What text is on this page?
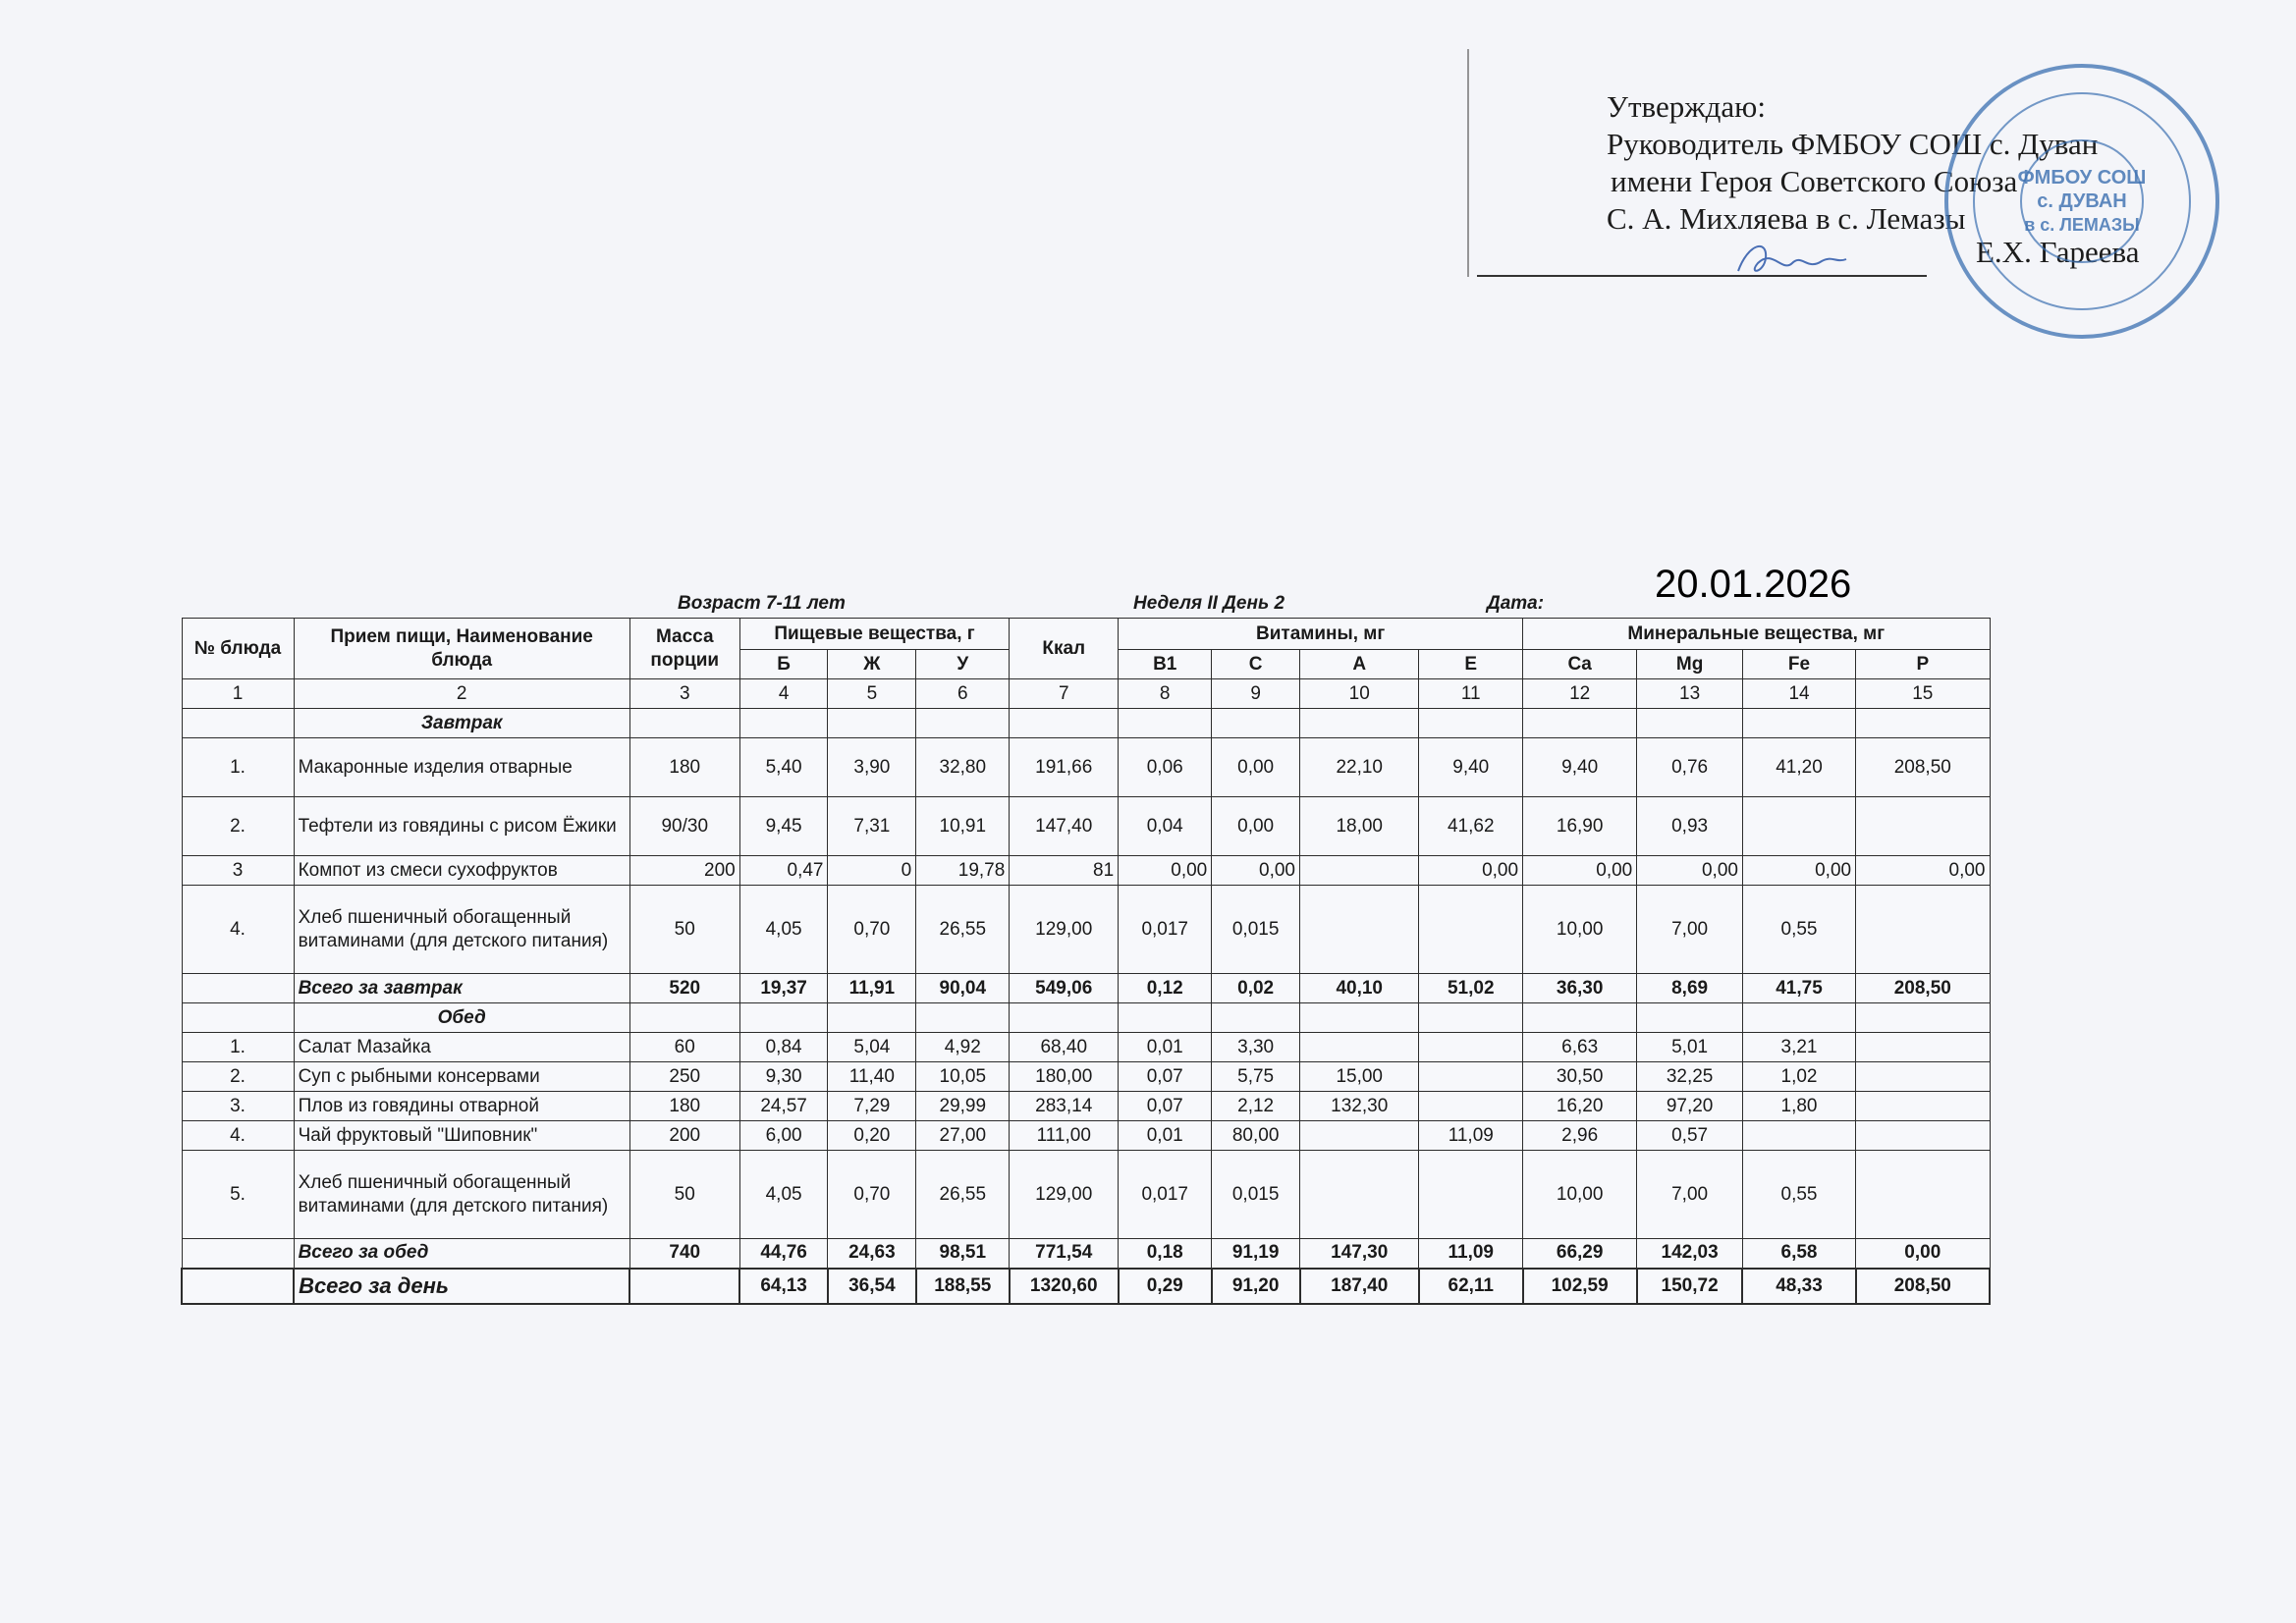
Утверждаю:
Руководитель ФМБОУ СОШ с. Дуван
имени Героя Советского Союза
С. А. Михляева в с. Лемазы
Е.Х. Гареева
ФМБОУ СОШ
с. ДУВАН
в с. ЛЕМАЗЫ
20.01.2026
Возраст 7-11 лет	Неделя II День 2	Дата:
№ блюда	Прием пищи, Наименование блюда	Масса порции	Пищевые вещества, г			Ккал	Витамины, мг				Минеральные вещества, мг			
			Б	Ж	У		В1	С	А	Е	Ca	Mg	Fe	P
1	2	3	4	5	6	7	8	9	10	11	12	13	14	15
	Завтрак													
1.	Макаронные изделия отварные	180	5,40	3,90	32,80	191,66	0,06	0,00	22,10	9,40	9,40	0,76	41,20	208,50
2.	Тефтели из говядины с рисом Ёжики	90/30	9,45	7,31	10,91	147,40	0,04	0,00	18,00	41,62	16,90	0,93		
3	Компот из смеси сухофруктов	200	0,47	0	19,78	81	0,00	0,00		0,00	0,00	0,00	0,00	0,00
4.	Хлеб пшеничный обогащенный витаминами (для детского питания)	50	4,05	0,70	26,55	129,00	0,017	0,015			10,00	7,00	0,55	
	Всего за завтрак	520	19,37	11,91	90,04	549,06	0,12	0,02	40,10	51,02	36,30	8,69	41,75	208,50
	Обед													
1.	Салат Мазайка	60	0,84	5,04	4,92	68,40	0,01	3,30			6,63	5,01	3,21	
2.	Суп с рыбными консервами	250	9,30	11,40	10,05	180,00	0,07	5,75	15,00		30,50	32,25	1,02	
3.	Плов из говядины отварной	180	24,57	7,29	29,99	283,14	0,07	2,12	132,30		16,20	97,20	1,80	
4.	Чай фруктовый "Шиповник"	200	6,00	0,20	27,00	111,00	0,01	80,00		11,09	2,96	0,57		
5.	Хлеб пшеничный обогащенный витаминами (для детского питания)	50	4,05	0,70	26,55	129,00	0,017	0,015			10,00	7,00	0,55	
	Всего за обед	740	44,76	24,63	98,51	771,54	0,18	91,19	147,30	11,09	66,29	142,03	6,58	0,00
	Всего за день		64,13	36,54	188,55	1320,60	0,29	91,20	187,40	62,11	102,59	150,72	48,33	208,50
